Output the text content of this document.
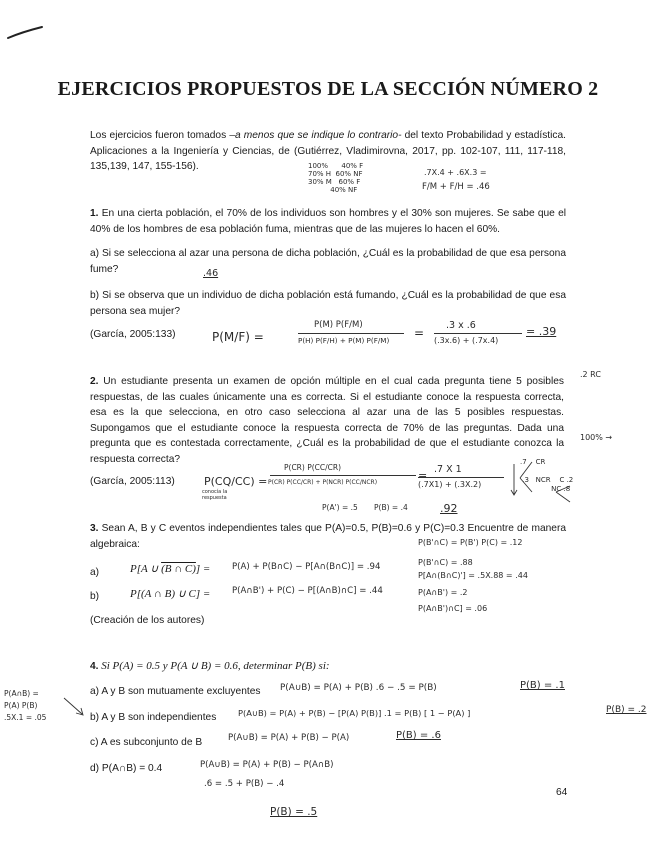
EJERCICIOS PROPUESTOS DE LA SECCIÓN NÚMERO 2
Los ejercicios fueron tomados –a menos que se indique lo contrario- del texto Probabilidad y estadística. Aplicaciones a la Ingeniería y Ciencias, de (Gutiérrez, Vladimirovna, 2017, pp. 102-107, 111, 117-118, 135,139, 147, 155-156).	100%      40% F
70% H  60% NF
30% M   60% F
40% NF
.7X.4 + .6X.3 =
F/M + F/H = .46
1. En una cierta población, el 70% de los individuos son hombres y el 30% son mujeres. Se sabe que el 40% de los hombres de esa población fuma, mientras que de las mujeres lo hacen el 60%.
a) Si se selecciona al azar una persona de dicha población, ¿Cuál es la probabilidad de que esa persona fume?	.46
b) Si se observa que un individuo de dicha población está fumando, ¿Cuál es la probabilidad de que esa persona sea mujer?
(García, 2005:133)	P(M/F) =
P(M) P(F/M)
P(H) P(F/H) + P(M) P(F/M)
=
.3 x .6
(.3x.6) + (.7x.4)
= .39
2. Un estudiante presenta un examen de opción múltiple en el cual cada pregunta tiene 5 posibles respuestas, de las cuales únicamente una es correcta. Si el estudiante conoce la respuesta correcta, esa es la que selecciona, en otro caso selecciona al azar una de las 5 posibles respuestas. Supongamos que el estudiante conoce la respuesta correcta de 70% de las preguntas. Dada una pregunta que es contestada correctamente, ¿Cuál es la probabilidad de que el estudiante conozca la respuesta correcta?
.2 RC
100% →
(García, 2005:113)	P(CQ/CC) =
conocía la
respuesta
P(CR) P(CC/CR)
P(CR) P(CC/CR) + P(NCR) P(CC/NCR)
= .7 X 1
(.7X1) + (.3X.2)
P(A') = .5 P(B) = .4	.92
.7    CR

.3   NCR    C .2
NC .8
3. Sean A, B y C eventos independientes tales que P(A)=0.5, P(B)=0.6 y P(C)=0.3 Encuentre de manera algebraica:
a)	P[A ∪ (B ∩ C)] =	P(A) + P(B∩C) − P[A∩(B∩C)] = .94
b)	P[(A ∩ B) ∪ C] =	P(A∩B') + P(C) − P[(A∩B)∩C] = .44
(Creación de los autores)
P(B'∩C) = P(B') P(C) = .12
P(B'∩C) = .88
P[A∩(B∩C)'] = .5X.88 = .44
P(A∩B') = .2
P(A∩B')∩C] = .06
4. Si P(A) = 0.5 y P(A ∪ B) = 0.6, determinar P(B) si:
P(A∩B) =
P(A) P(B)
.5X.1 = .05
a) A y B son mutuamente excluyentes P(A∪B) = P(A) + P(B) .6 − .5 = P(B)	P(B) = .1
b) A y B son independientes	P(A∪B) = P(A) + P(B) − [P(A) P(B)] .1 = P(B) [ 1 − P(A) ]	P(B) = .2
c) A es subconjunto de B	P(A∪B) = P(A) + P(B) − P(A)	P(B) = .6
d) P(A∩B) = 0.4	P(A∪B) = P(A) + P(B) − P(A∩B)
.6 = .5 + P(B) − .4
P(B) = .5
64
